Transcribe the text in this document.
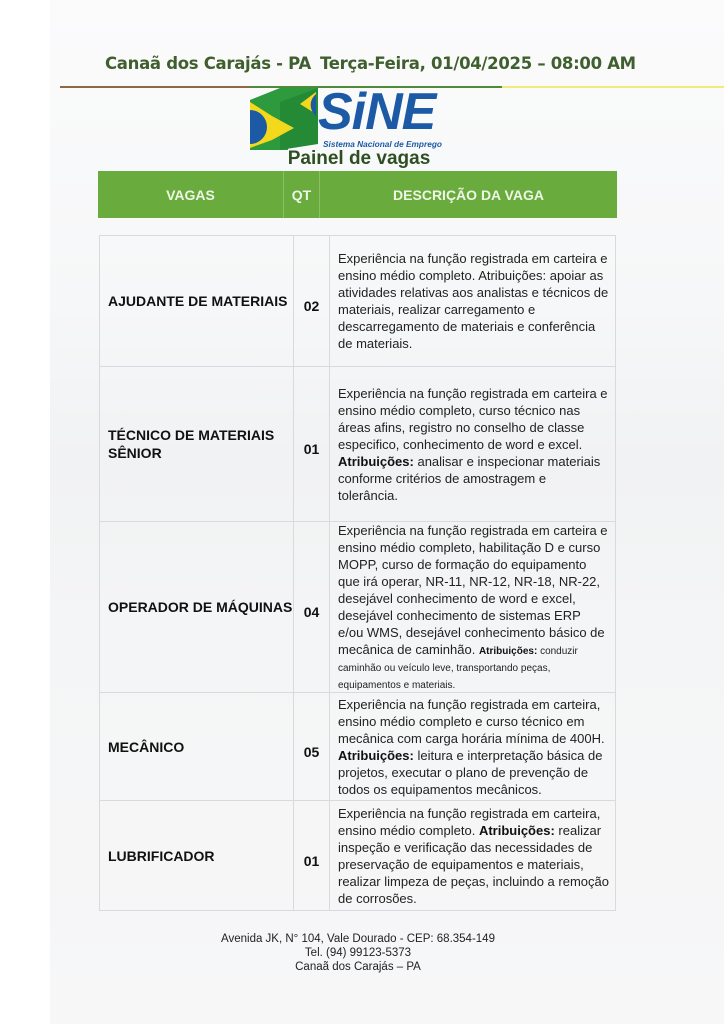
Canaã dos Carajás - PA Terça-Feira, 01/04/2025 – 08:00 AM
SiNE
Sistema Nacional de Emprego
Painel de vagas
VAGAS	QT	DESCRIÇÃO DA VAGA
AJUDANTE DE MATERIAIS	02	Experiência na função registrada em carteira e ensino médio completo. Atribuições: apoiar as atividades relativas aos analistas e técnicos de materiais, realizar carregamento e descarregamento de materiais e conferência de materiais.
TÉCNICO DE MATERIAIS SÊNIOR	01	Experiência na função registrada em carteira e ensino médio completo, curso técnico nas áreas afins, registro no conselho de classe especifico, conhecimento de word e excel. Atribuições: analisar e inspecionar materiais conforme critérios de amostragem e tolerância.
OPERADOR DE MÁQUINAS	04	Experiência na função registrada em carteira e ensino médio completo, habilitação D e curso MOPP, curso de formação do equipamento que irá operar, NR-11, NR-12, NR-18, NR-22, desejável conhecimento de word e excel, desejável conhecimento de sistemas ERP e/ou WMS, desejável conhecimento básico de mecânica de caminhão. Atribuições: conduzir caminhão ou veículo leve, transportando peças, equipamentos e materiais.
MECÂNICO	05	Experiência na função registrada em carteira, ensino médio completo e curso técnico em mecânica com carga horária mínima de 400H. Atribuições: leitura e interpretação básica de projetos, executar o plano de prevenção de todos os equipamentos mecânicos.
LUBRIFICADOR	01	Experiência na função registrada em carteira, ensino médio completo. Atribuições: realizar inspeção e verificação das necessidades de preservação de equipamentos e materiais, realizar limpeza de peças, incluindo a remoção de corrosões.
Avenida JK, N° 104, Vale Dourado - CEP: 68.354-149
Tel. (94) 99123-5373
Canaã dos Carajás – PA
